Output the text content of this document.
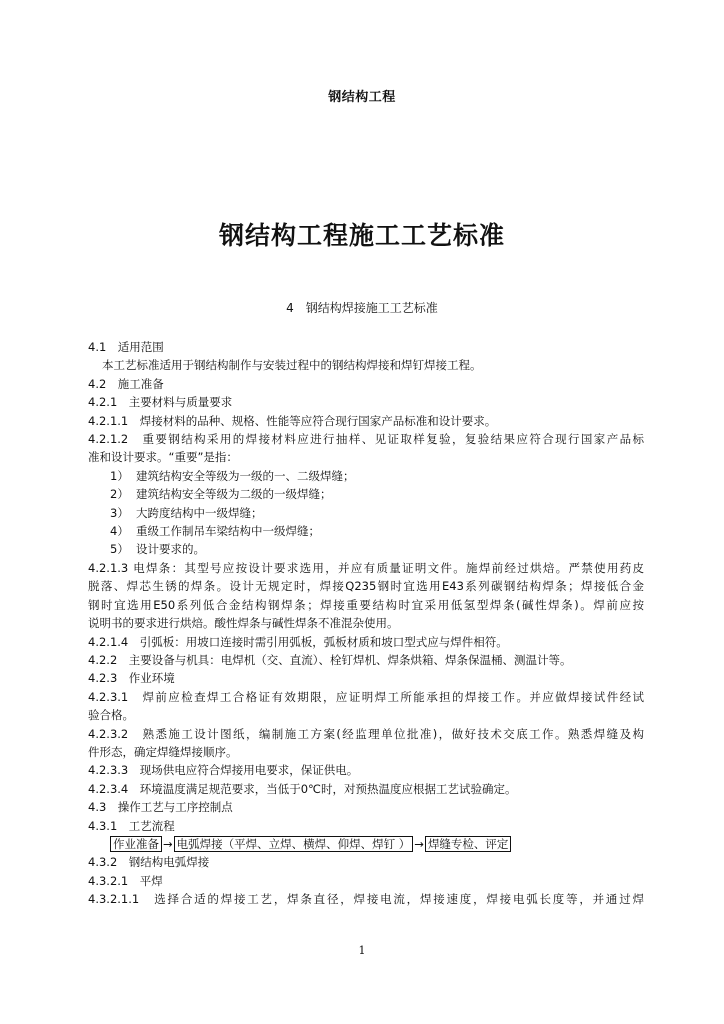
钢结构工程
钢结构工程施工工艺标准
4　钢结构焊接施工工艺标准
4.1　适用范围
本工艺标准适用于钢结构制作与安装过程中的钢结构焊接和焊钉焊接工程。
4.2　施工准备
4.2.1　主要材料与质量要求
4.2.1.1　焊接材料的品种、规格、性能等应符合现行国家产品标准和设计要求。
4.2.1.2　重要钢结构采用的焊接材料应进行抽样、见证取样复验，复验结果应符合现行国家产品标
准和设计要求。“重要”是指：
1） 建筑结构安全等级为一级的一、二级焊缝；
2） 建筑结构安全等级为二级的一级焊缝；
3） 大跨度结构中一级焊缝；
4） 重级工作制吊车梁结构中一级焊缝；
5） 设计要求的。
4.2.1.3 电焊条：其型号应按设计要求选用，并应有质量证明文件。施焊前经过烘焙。严禁使用药皮
脱落、焊芯生锈的焊条。设计无规定时，焊接Q235钢时宜选用E43系列碳钢结构焊条；焊接低合金
钢时宜选用E50系列低合金结构钢焊条；焊接重要结构时宜采用低氢型焊条(碱性焊条)。焊前应按
说明书的要求进行烘焙。酸性焊条与碱性焊条不准混杂使用。
4.2.1.4　引弧板：用坡口连接时需引用弧板，弧板材质和坡口型式应与焊件相符。
4.2.2　主要设备与机具：电焊机（交、直流）、栓钉焊机、焊条烘箱、焊条保温桶、测温计等。
4.2.3　作业环境
4.2.3.1　焊前应检查焊工合格证有效期限，应证明焊工所能承担的焊接工作。并应做焊接试件经试
验合格。
4.2.3.2　熟悉施工设计图纸，编制施工方案(经监理单位批准)，做好技术交底工作。熟悉焊缝及构
件形态，确定焊缝焊接顺序。
4.2.3.3　现场供电应符合焊接用电要求，保证供电。
4.2.3.4　环境温度满足规范要求，当低于0℃时，对预热温度应根据工艺试验确定。
4.3　操作工艺与工序控制点
4.3.1　工艺流程
作业准备 → 电弧焊接（平焊、立焊、横焊、仰焊、焊钉 ） → 焊缝专检、评定
4.3.2　钢结构电弧焊接
4.3.2.1　平焊
4.3.2.1.1　选择合适的焊接工艺，焊条直径，焊接电流，焊接速度，焊接电弧长度等，并通过焊
1
